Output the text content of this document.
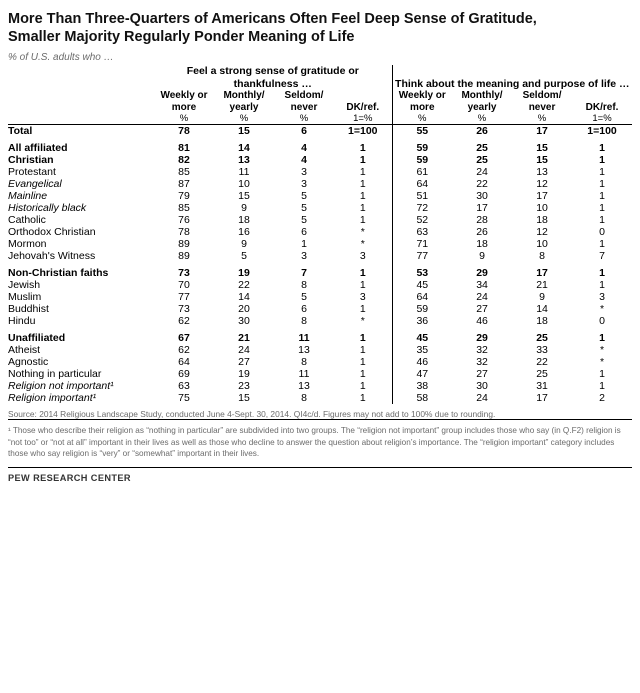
More Than Three-Quarters of Americans Often Feel Deep Sense of Gratitude,
Smaller Majority Regularly Ponder Meaning of Life
% of U.S. adults who …
	Feel a strong sense of gratitude or thankfulness …				Think about the meaning and purpose of life …			
	Weekly or more	Monthly/ yearly	Seldom/ never	DK/ref.	Weekly or more	Monthly/ yearly	Seldom/ never	DK/ref.
	%	%	%	1=%	%	%	%	1=%
Total	78	15	6	1=100	55	26	17	1=100

All affiliated	81	14	4	1	59	25	15	1
Christian	82	13	4	1	59	25	15	1
Protestant	85	11	3	1	61	24	13	1
Evangelical	87	10	3	1	64	22	12	1
Mainline	79	15	5	1	51	30	17	1
Historically black	85	9	5	1	72	17	10	1
Catholic	76	18	5	1	52	28	18	1
Orthodox Christian	78	16	6	*	63	26	12	0
Mormon	89	9	1	*	71	18	10	1
Jehovah's Witness	89	5	3	3	77	9	8	7

Non-Christian faiths	73	19	7	1	53	29	17	1
Jewish	70	22	8	1	45	34	21	1
Muslim	77	14	5	3	64	24	9	3
Buddhist	73	20	6	1	59	27	14	*
Hindu	62	30	8	*	36	46	18	0

Unaffiliated	67	21	11	1	45	29	25	1
Atheist	62	24	13	1	35	32	33	*
Agnostic	64	27	8	1	46	32	22	*
Nothing in particular	69	19	11	1	47	27	25	1
Religion not important¹	63	23	13	1	38	30	31	1
Religion important¹	75	15	8	1	58	24	17	2
Source: 2014 Religious Landscape Study, conducted June 4-Sept. 30, 2014. QI4c/d. Figures may not add to 100% due to rounding.
¹ Those who describe their religion as “nothing in particular” are subdivided into two groups. The “religion not important” group includes those who say (in Q.F2) religion is “not too” or “not at all” important in their lives as well as those who decline to answer the question about religion’s importance. The “religion important” category includes those who say religion is “very” or “somewhat” important in their lives.
PEW RESEARCH CENTER
